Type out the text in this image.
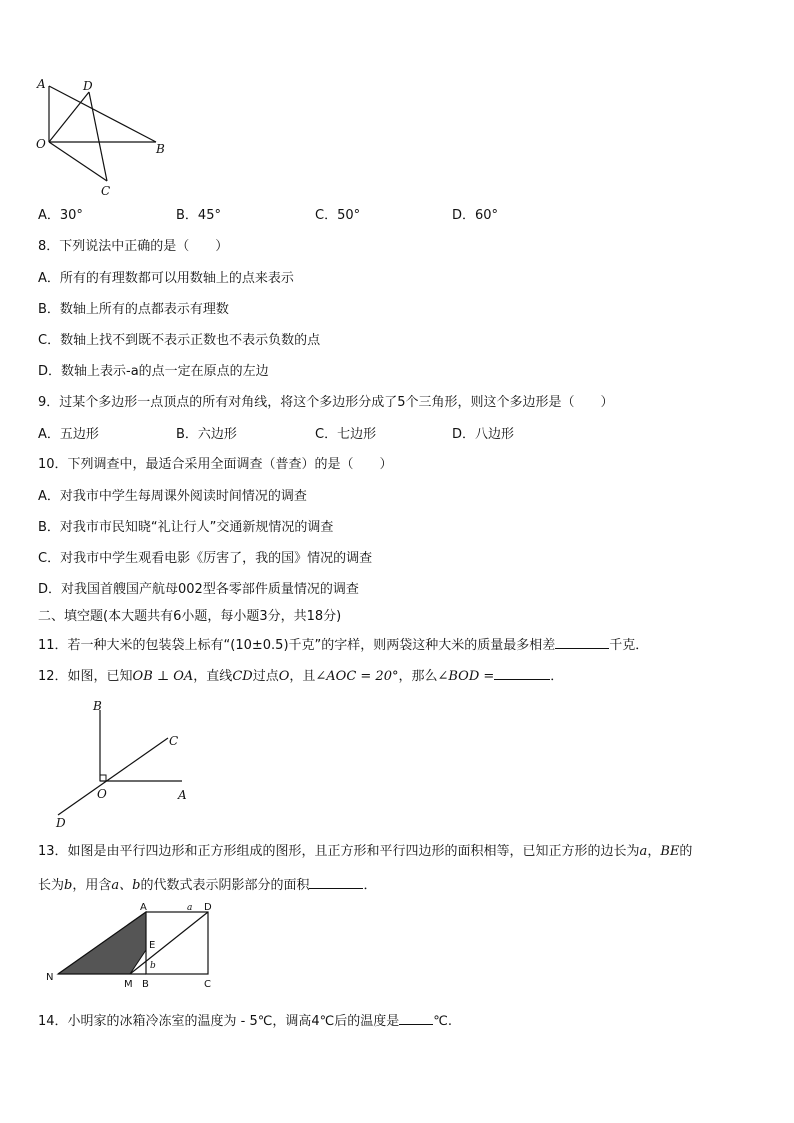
A	D
O	B
C
A．30°	B．45°	C．50°	D．60°
8．下列说法中正确的是（　　）
A．所有的有理数都可以用数轴上的点来表示
B．数轴上所有的点都表示有理数
C．数轴上找不到既不表示正数也不表示负数的点
D．数轴上表示-a的点一定在原点的左边
9．过某个多边形一点顶点的所有对角线，将这个多边形分成了5个三角形，则这个多边形是（　　）
A．五边形	B．六边形	C．七边形	D．八边形
10．下列调查中，最适合采用全面调查（普查）的是（　　）
A．对我市中学生每周课外阅读时间情况的调查
B．对我市市民知晓“礼让行人”交通新规情况的调查
C．对我市中学生观看电影《厉害了，我的国》情况的调查
D．对我国首艘国产航母002型各零部件质量情况的调查
二、填空题(本大题共有6小题，每小题3分，共18分)
11．若一种大米的包装袋上标有“(10±0.5)千克”的字样，则两袋这种大米的质量最多相差	千克．
12．如图，已知OB ⊥ OA，直线CD过点O，且∠AOC = 20°，那么∠BOD =	．
B
C
O	A
D
13．如图是由平行四边形和正方形组成的图形，且正方形和平行四边形的面积相等，已知正方形的边长为a，BE的
长为b，用含a、b的代数式表示阴影部分的面积	．
A	a D
E
b
N
M B	C
14．小明家的冰箱冷冻室的温度为 - 5℃，调高4℃后的温度是	℃.
